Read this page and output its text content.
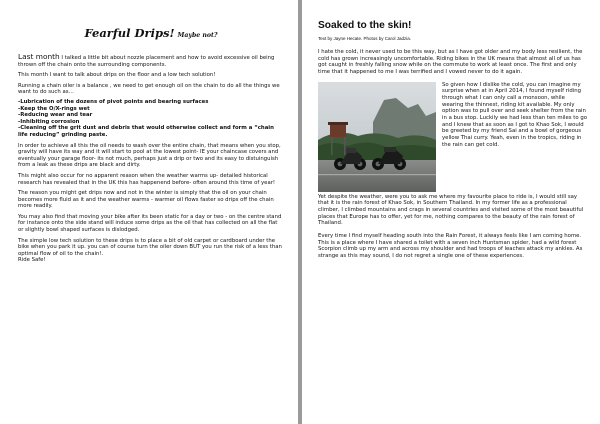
Fearful Drips! Maybe not?

Last month I talked a little bit about nozzle placement and how to avoid excessive oil being thrown off the chain onto the surrounding components.

This month I want to talk about drips on the floor and a low tech solution!

Running a chain oiler is a balance , we need to get enough oil on the chain to do all the things we want to do such as…

-Lubrication of the dozens of pivot points and bearing surfaces
-Keep the O/X-rings wet
-Reducing wear and tear
-Inhibiting corrosion
-Cleaning off the grit dust and debris that would otherwise collect and form a “chain life reducing” grinding paste.

In order to achieve all this the oil needs to wash over the entire chain, that means when you stop, gravity will have its way and it will start to pool at the lowest point- IE your chaincase covers and eventually your garage floor- its not much, perhaps just a drip or two and its easy to distuinguish from a leak as these drips are black and dirty.

This might also occur for no apparent reason when the weather warms up- detailed historical research has revealed that in the UK this has happenend before- often around this time of year!

The reason you might get drips now and not in the winter is simply that the oil on your chain becomes more fluid as it and the weather warms - warmer oil flows faster so drips off the chain more readily.

You may also find that moving your bike after its been static for a day or two - on the centre stand for instance onto the side stand will induce some drips as the oil that has collected on all the flat or slightly bowl shaped surfaces is dislodged.

The simple low tech solution to these drips is to place a bit of old carpet or cardboard under the bike when you park it up. you can of course turn the oiler down BUT you run the risk of a less than optimal flow of oil to the chain!.
Ride Safe!

Soaked to the skin!
Text by Jayne Hecate. Photos by Carol Jadzia.

I hate the cold, it never used to be this way, but as I have got older and my body less resilient, the cold has grown increasingly uncomfortable. Riding bikes in the UK means that almost all of us has got caught in freshly falling snow while on the commute to work at least once. The first and only time that it happened to me I was terrified and I vowed never to do it again.

So given how I dislike the cold, you can imagine my surprise when at in April 2014, I found myself riding through what I can only call a monsoon, while wearing the thinnest, riding kit available. My only option was to pull over and seek shelter from the rain in a bus stop. Luckily we had less than ten miles to go and I knew that as soon as I got to Khao Sok, I would be greeted by my friend Sai and a bowl of gorgeous yellow Thai curry. Yeah, even in the tropics, riding in the rain can get cold.

Yet despite the weather, were you to ask me where my favourite place to ride is, I would still say that it is the rain forest of Khao Sok, in Southern Thailand. In my former life as a professional climber, I climbed mountains and crags in several countries and visited some of the most beautiful places that Europe has to offer, yet for me, nothing compares to the beauty of the rain forest of Thailand.

Every time I find myself heading south into the Rain Forest, it always feels like I am coming home. This is a place where I have shared a toilet with a seven inch Huntsman spider, had a wild forest Scorpion climb up my arm and across my shoulder and had troops of leaches attack my ankles. As strange as this may sound, I do not regret a single one of these experiences.
